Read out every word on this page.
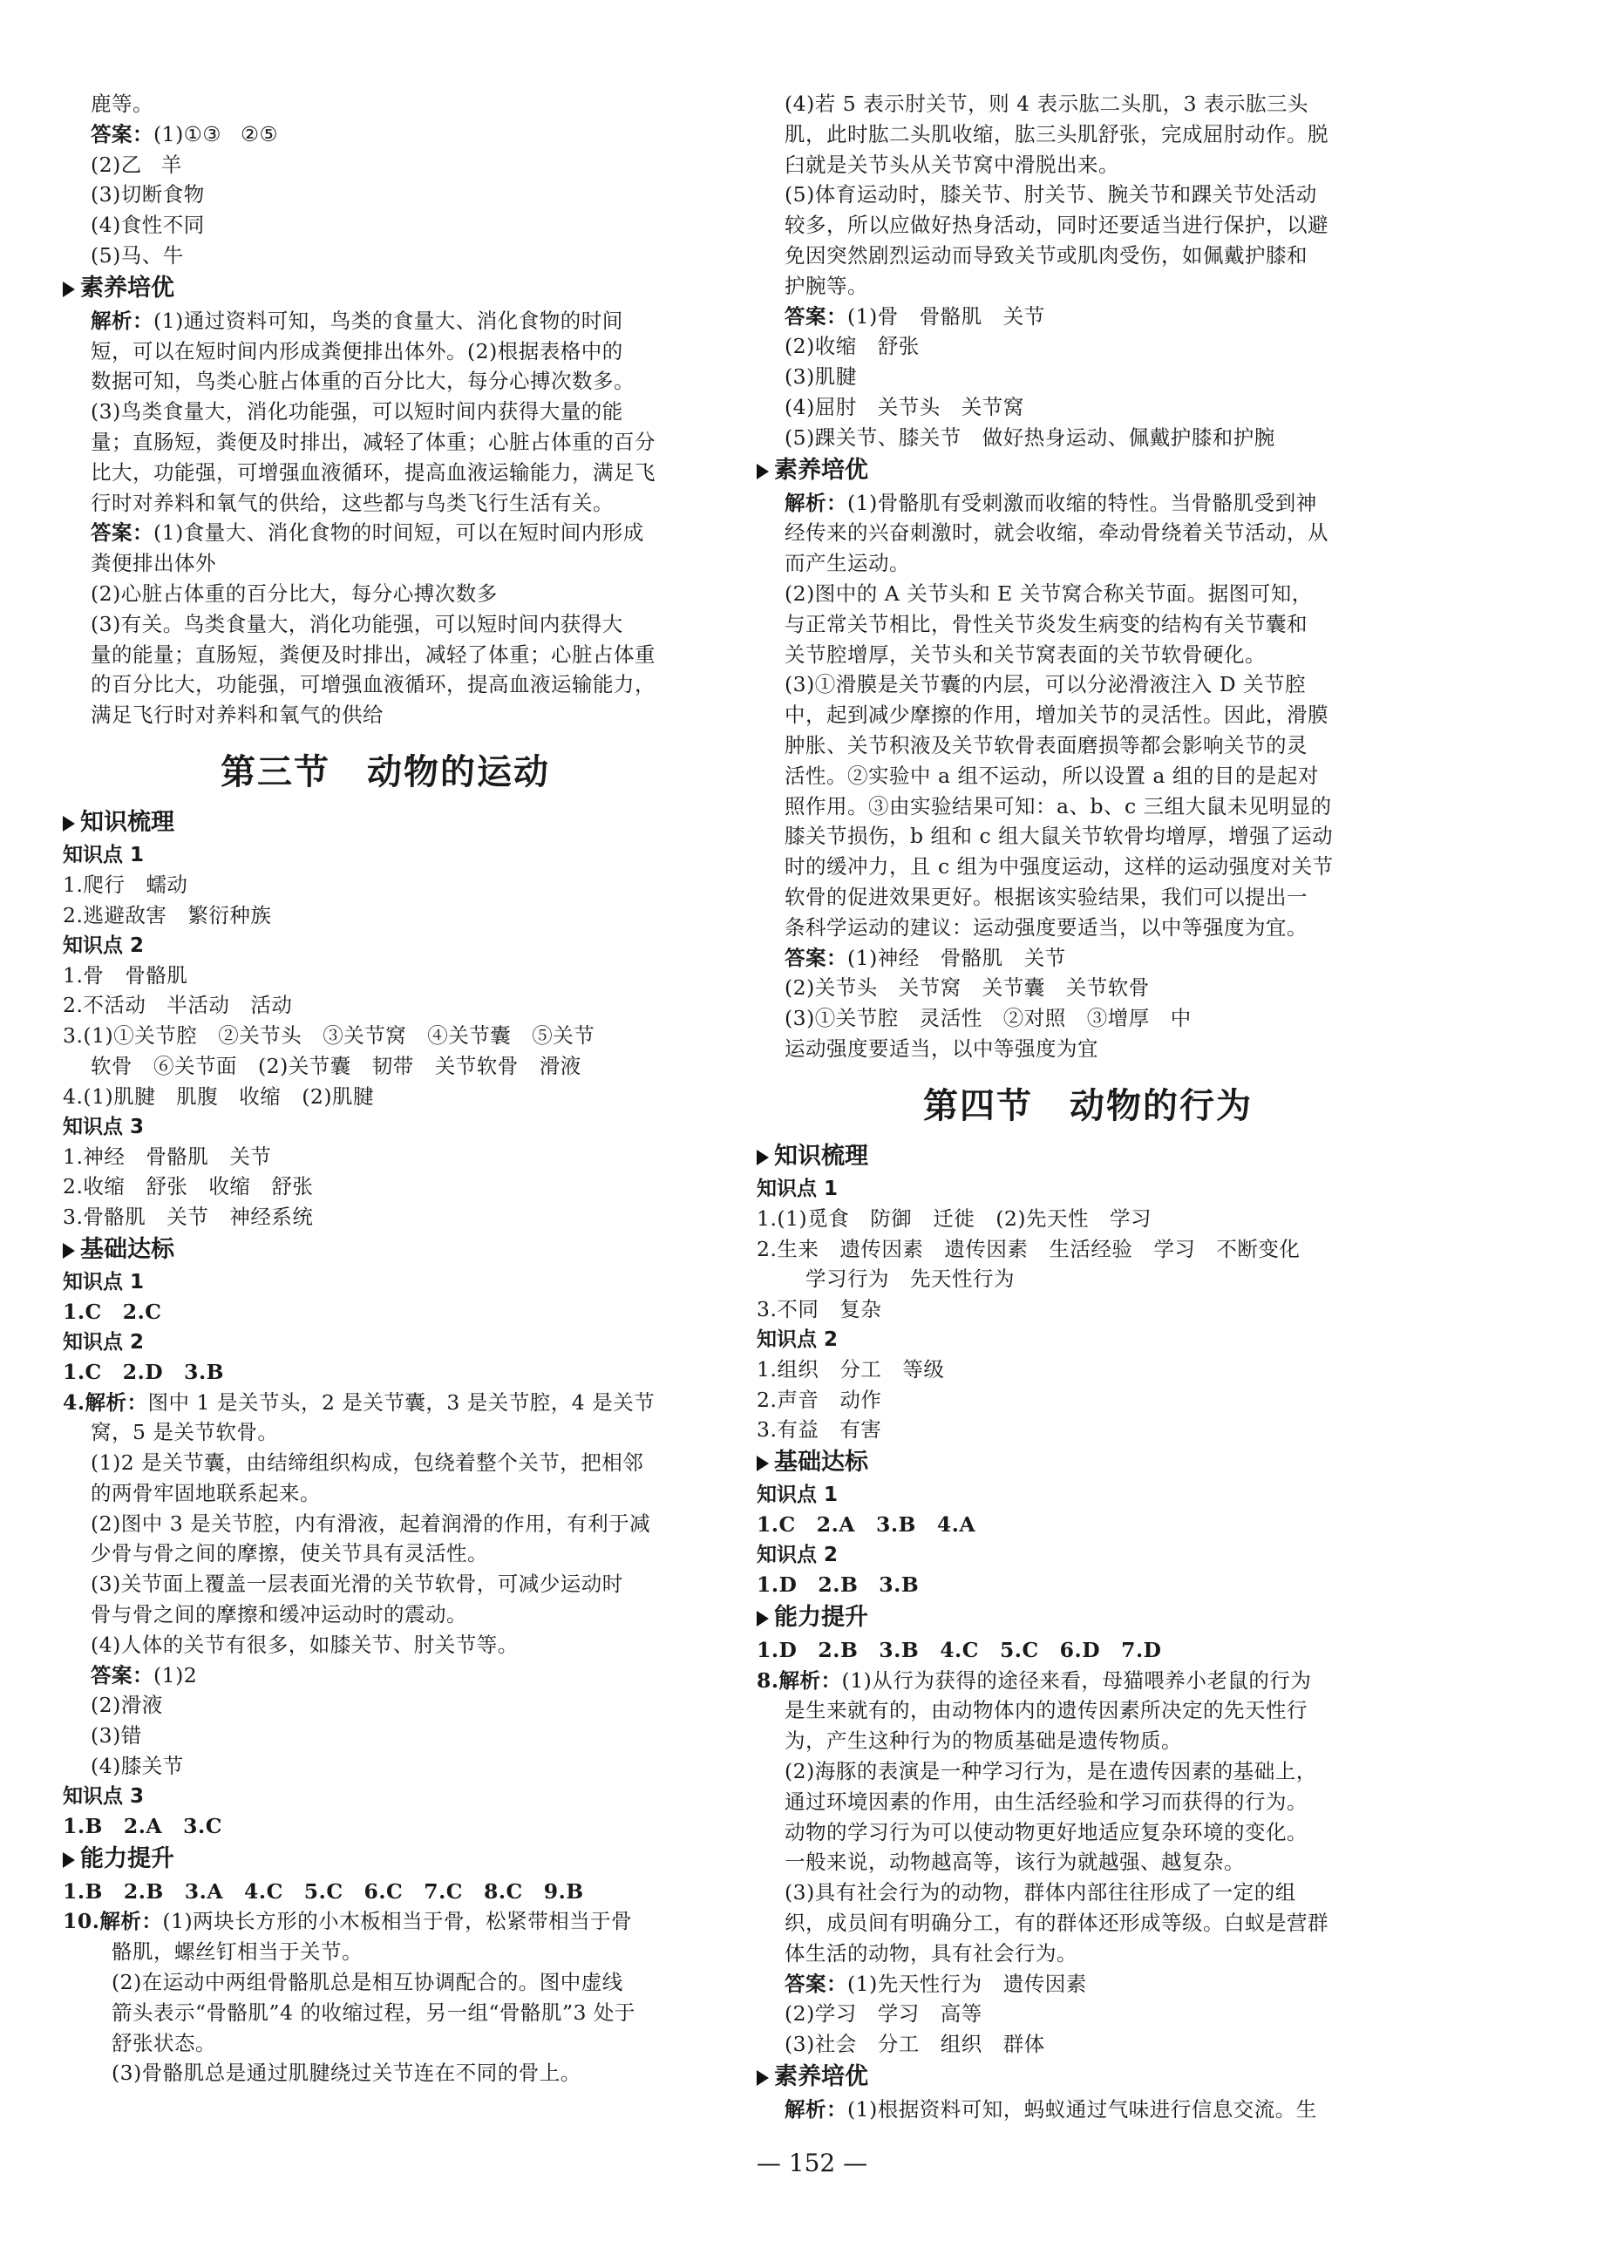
鹿等。
答案：(1)①③ ②⑤
(2)乙 羊
(3)切断食物
(4)食性不同
(5)马、牛
素养培优
解析：(1)通过资料可知，鸟类的食量大、消化食物的时间
短，可以在短时间内形成粪便排出体外。(2)根据表格中的
数据可知，鸟类心脏占体重的百分比大，每分心搏次数多。
(3)鸟类食量大，消化功能强，可以短时间内获得大量的能
量；直肠短，粪便及时排出，减轻了体重；心脏占体重的百分
比大，功能强，可增强血液循环，提高血液运输能力，满足飞
行时对养料和氧气的供给，这些都与鸟类飞行生活有关。
答案：(1)食量大、消化食物的时间短，可以在短时间内形成
粪便排出体外
(2)心脏占体重的百分比大，每分心搏次数多
(3)有关。鸟类食量大，消化功能强，可以短时间内获得大
量的能量；直肠短，粪便及时排出，减轻了体重；心脏占体重
的百分比大，功能强，可增强血液循环，提高血液运输能力，
满足飞行时对养料和氧气的供给
第三节　动物的运动
知识梳理
知识点 1
1.爬行　蠕动
2.逃避敌害　繁衍种族
知识点 2
1.骨　骨骼肌
2.不活动　半活动　活动
3.(1)①关节腔　②关节头　③关节窝　④关节囊　⑤关节
软骨　⑥关节面　(2)关节囊　韧带　关节软骨　滑液
4.(1)肌腱　肌腹　收缩　(2)肌腱
知识点 3
1.神经　骨骼肌　关节
2.收缩　舒张　收缩　舒张
3.骨骼肌　关节　神经系统
基础达标
知识点 1
1.C　2.C
知识点 2
1.C　2.D　3.B
4.解析：图中 1 是关节头，2 是关节囊，3 是关节腔，4 是关节
窝，5 是关节软骨。
(1)2 是关节囊，由结缔组织构成，包绕着整个关节，把相邻
的两骨牢固地联系起来。
(2)图中 3 是关节腔，内有滑液，起着润滑的作用，有利于减
少骨与骨之间的摩擦，使关节具有灵活性。
(3)关节面上覆盖一层表面光滑的关节软骨，可减少运动时
骨与骨之间的摩擦和缓冲运动时的震动。
(4)人体的关节有很多，如膝关节、肘关节等。
答案：(1)2
(2)滑液
(3)错
(4)膝关节
知识点 3
1.B　2.A　3.C
能力提升
1.B　2.B　3.A　4.C　5.C　6.C　7.C　8.C　9.B
10.解析：(1)两块长方形的小木板相当于骨，松紧带相当于骨
骼肌，螺丝钉相当于关节。
(2)在运动中两组骨骼肌总是相互协调配合的。图中虚线
箭头表示“骨骼肌”4 的收缩过程，另一组“骨骼肌”3 处于
舒张状态。
(3)骨骼肌总是通过肌腱绕过关节连在不同的骨上。
(4)若 5 表示肘关节，则 4 表示肱二头肌，3 表示肱三头
肌，此时肱二头肌收缩，肱三头肌舒张，完成屈肘动作。脱
臼就是关节头从关节窝中滑脱出来。
(5)体育运动时，膝关节、肘关节、腕关节和踝关节处活动
较多，所以应做好热身活动，同时还要适当进行保护，以避
免因突然剧烈运动而导致关节或肌肉受伤，如佩戴护膝和
护腕等。
答案：(1)骨　骨骼肌　关节
(2)收缩　舒张
(3)肌腱
(4)屈肘　关节头　关节窝
(5)踝关节、膝关节　做好热身运动、佩戴护膝和护腕
素养培优
解析：(1)骨骼肌有受刺激而收缩的特性。当骨骼肌受到神
经传来的兴奋刺激时，就会收缩，牵动骨绕着关节活动，从
而产生运动。
(2)图中的 A 关节头和 E 关节窝合称关节面。据图可知，
与正常关节相比，骨性关节炎发生病变的结构有关节囊和
关节腔增厚，关节头和关节窝表面的关节软骨硬化。
(3)①滑膜是关节囊的内层，可以分泌滑液注入 D 关节腔
中，起到减少摩擦的作用，增加关节的灵活性。因此，滑膜
肿胀、关节积液及关节软骨表面磨损等都会影响关节的灵
活性。②实验中 a 组不运动，所以设置 a 组的目的是起对
照作用。③由实验结果可知：a、b、c 三组大鼠未见明显的
膝关节损伤，b 组和 c 组大鼠关节软骨均增厚，增强了运动
时的缓冲力，且 c 组为中强度运动，这样的运动强度对关节
软骨的促进效果更好。根据该实验结果，我们可以提出一
条科学运动的建议：运动强度要适当，以中等强度为宜。
答案：(1)神经　骨骼肌　关节
(2)关节头　关节窝　关节囊　关节软骨
(3)①关节腔　灵活性　②对照　③增厚　中
运动强度要适当，以中等强度为宜
第四节　动物的行为
知识梳理
知识点 1
1.(1)觅食　防御　迁徙　(2)先天性　学习
2.生来　遗传因素　遗传因素　生活经验　学习　不断变化
学习行为　先天性行为
3.不同　复杂
知识点 2
1.组织　分工　等级
2.声音　动作
3.有益　有害
基础达标
知识点 1
1.C　2.A　3.B　4.A
知识点 2
1.D　2.B　3.B
能力提升
1.D　2.B　3.B　4.C　5.C　6.D　7.D
8.解析：(1)从行为获得的途径来看，母猫喂养小老鼠的行为
是生来就有的，由动物体内的遗传因素所决定的先天性行
为，产生这种行为的物质基础是遗传物质。
(2)海豚的表演是一种学习行为，是在遗传因素的基础上，
通过环境因素的作用，由生活经验和学习而获得的行为。
动物的学习行为可以使动物更好地适应复杂环境的变化。
一般来说，动物越高等，该行为就越强、越复杂。
(3)具有社会行为的动物，群体内部往往形成了一定的组
织，成员间有明确分工，有的群体还形成等级。白蚁是营群
体生活的动物，具有社会行为。
答案：(1)先天性行为　遗传因素
(2)学习　学习　高等
(3)社会　分工　组织　群体
素养培优
解析：(1)根据资料可知，蚂蚁通过气味进行信息交流。生
— 152 —
